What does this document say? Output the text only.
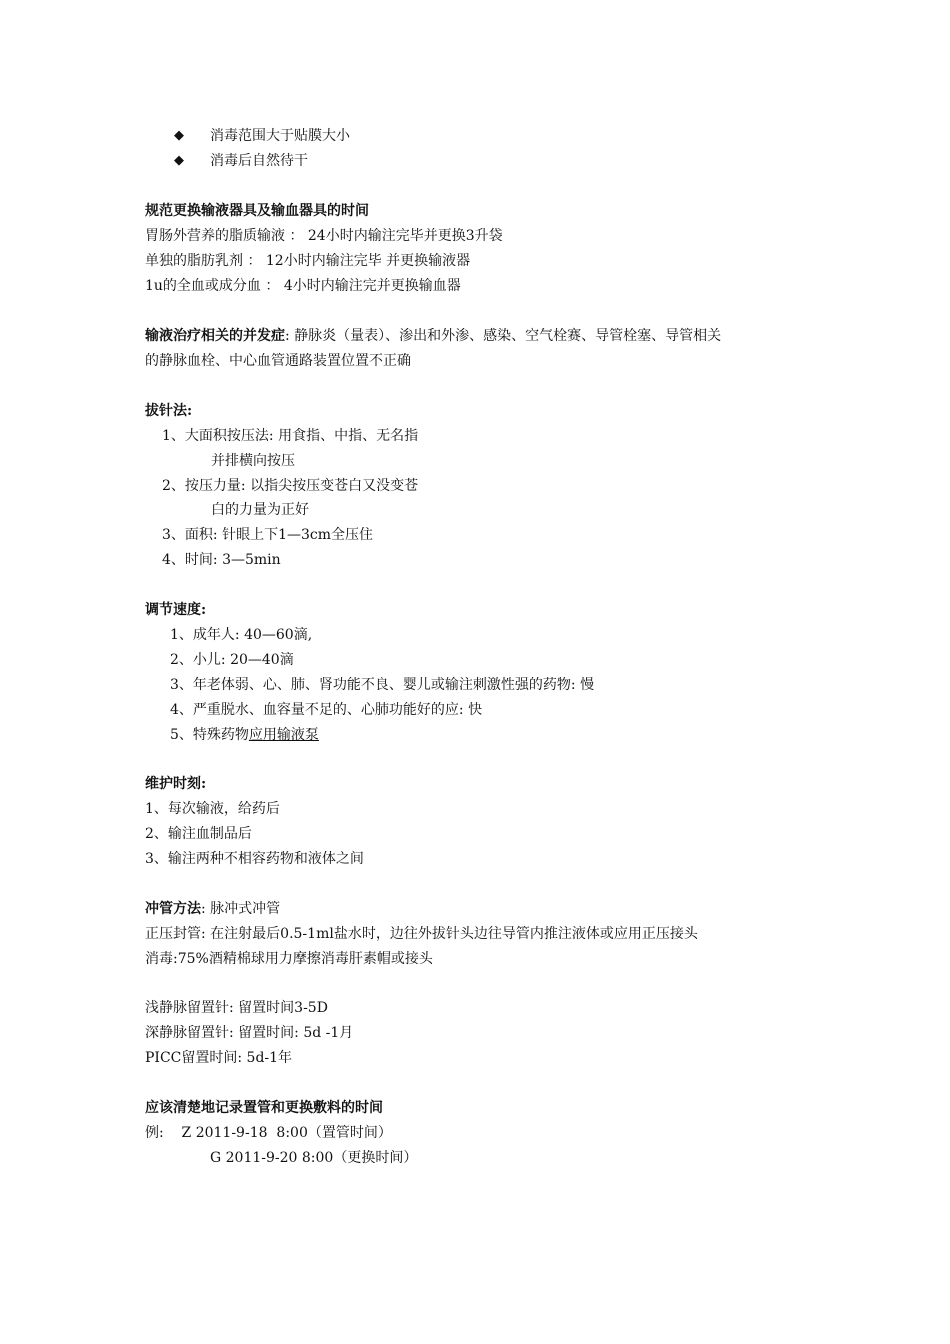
◆ 消毒范围大于贴膜大小
◆ 消毒后自然待干
规范更换输液器具及输血器具的时间
胃肠外营养的脂质输液 ： 24小时内输注完毕并更换3升袋
单独的脂肪乳剂 ： 12小时内输注完毕 并更换输液器
1u的全血或成分血 ： 4小时内输注完并更换输血器
输液治疗相关的并发症: 静脉炎（量表）、渗出和外渗、感染、空气栓赛、导管栓塞、导管相关
的静脉血栓、中心血管通路装置位置不正确
拔针法:
1、大面积按压法: 用食指、中指、无名指
并排横向按压
2、按压力量: 以指尖按压变苍白又没变苍
白的力量为正好
3、面积: 针眼上下1—3cm全压住
4、时间: 3—5min
调节速度:
1、成年人: 40—60滴,
2、小儿: 20—40滴
3、年老体弱、心、肺、肾功能不良、婴儿或输注刺激性强的药物: 慢
4、严重脱水、血容量不足的、心肺功能好的应: 快
5、特殊药物应用输液泵
维护时刻:
1、每次输液，给药后
2、输注血制品后
3、输注两种不相容药物和液体之间
冲管方法: 脉冲式冲管
正压封管: 在注射最后0.5-1ml盐水时，边往外拔针头边往导管内推注液体或应用正压接头
消毒:75%酒精棉球用力摩擦消毒肝素帽或接头
浅静脉留置针: 留置时间3-5D
深静脉留置针: 留置时间: 5d -1月
PICC留置时间: 5d-1年
应该清楚地记录置管和更换敷料的时间
例:    Z 2011-9-18  8:00（置管时间）
G 2011-9-20 8:00（更换时间）
